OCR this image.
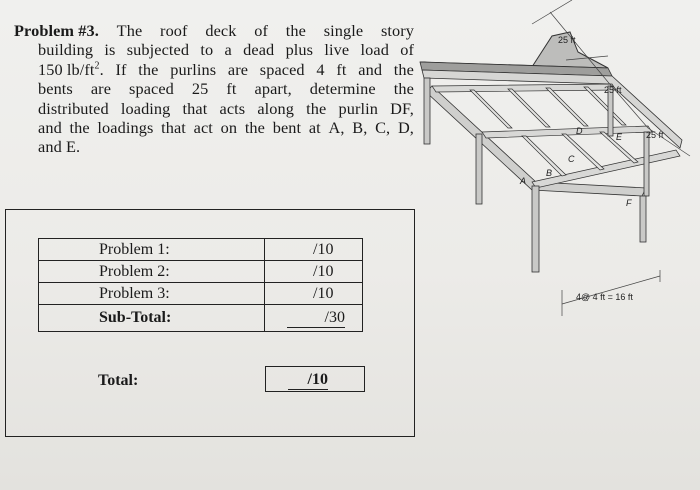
Problem #3. The roof deck of the single story
building is subjected to a dead plus live load of
150 $lb/ft^2$. If the purlins are spaced 4 ft and the
bents are spaced 25 ft apart, determine the
distributed loading that acts along the purlin DF,
and the loadings that act on the bent at A, B, C, D,
and E.
Problem 1:	/10
Problem 2:	/10
Problem 3:	/10
Sub-Total:	/30
Total:	/10
25 ft
25 ft
25 ft
4@ 4 ft = 16 ft
A
B
C
D
E
F
